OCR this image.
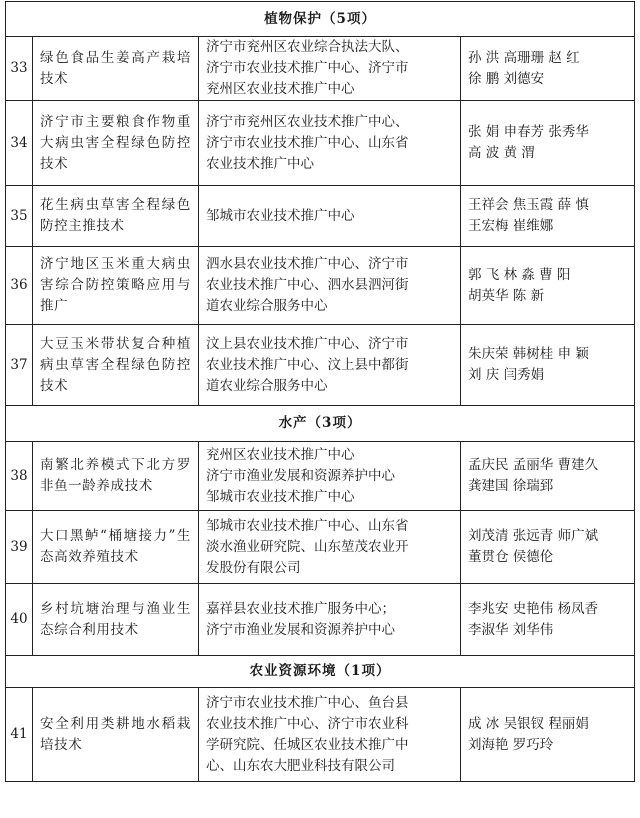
植物保护（5项）			
33	绿色食品生姜高产栽培技术	济宁市兖州区农业综合执法大队、
济宁市农业技术推广中心、济宁市
兖州区农业技术推广中心	孙 洪 高珊珊 赵 红
徐 鹏 刘德安

34	济宁市主要粮食作物重大病虫害全程绿色防控技术	济宁市兖州区农业技术推广中心、
济宁市农业技术推广中心、山东省
农业技术推广中心	张 娟 申春芳 张秀华
高 波 黄 渭

35	花生病虫草害全程绿色防控主推技术	邹城市农业技术推广中心	王祥会 焦玉霞 薛 慎
王宏梅 崔维娜

36	济宁地区玉米重大病虫害综合防控策略应用与推广	泗水县农业技术推广中心、济宁市
农业技术推广中心、泗水县泗河街
道农业综合服务中心	郭 飞 林 淼 曹 阳
胡英华 陈 新

37	大豆玉米带状复合种植病虫草害全程绿色防控技术	汶上县农业技术推广中心、济宁市
农业技术推广中心、汶上县中都街
道农业综合服务中心	朱庆荣 韩树桂 申 颖
刘 庆 闫秀娟

水产（3项）			
38	南繁北养模式下北方罗非鱼一龄养成技术	兖州区农业技术推广中心
济宁市渔业发展和资源养护中心
邹城市农业技术推广中心	孟庆民 孟丽华 曹建久
龚建国 徐瑞郅

39	大口黑鲈“桶塘接力”生态高效养殖技术	邹城市农业技术推广中心、山东省
淡水渔业研究院、山东堃茂农业开
发股份有限公司	刘茂清 张远青 师广斌
董贯仓 侯德伦

40	乡村坑塘治理与渔业生态综合利用技术	嘉祥县农业技术推广服务中心；
济宁市渔业发展和资源养护中心	李兆安 史艳伟 杨凤香
李淑华 刘华伟

农业资源环境（1项）			
41	安全利用类耕地水稻栽培技术	济宁市农业技术推广中心、鱼台县
农业技术推广中心、济宁市农业科
学研究院、任城区农业技术推广中
心、山东农大肥业科技有限公司	成 冰 吴银钗 程丽娟
刘海艳 罗巧玲
